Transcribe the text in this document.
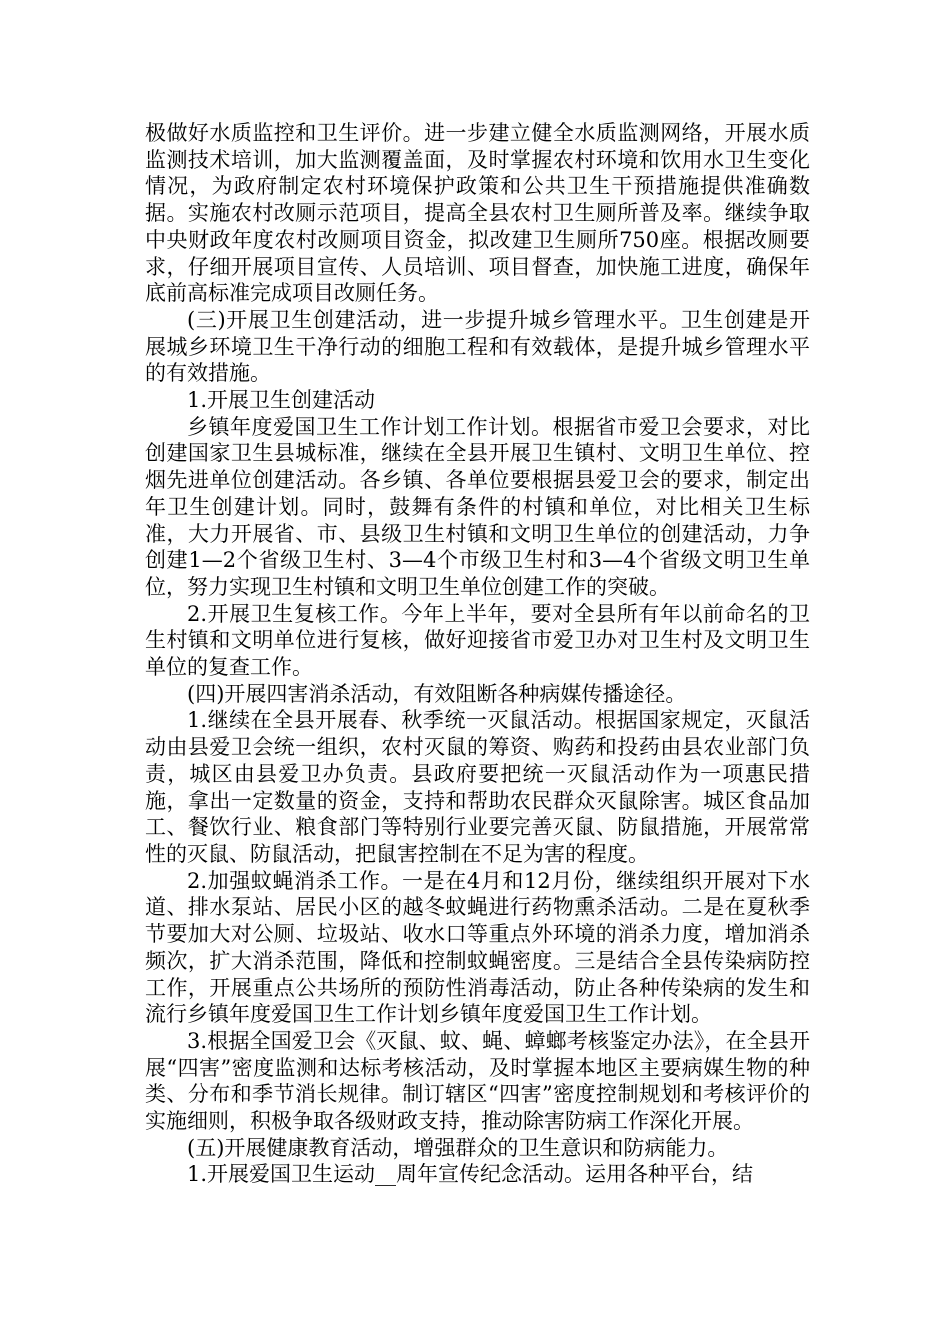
极做好水质监控和卫生评价。进一步建立健全水质监测网络，开展水质监测技术培训，加大监测覆盖面，及时掌握农村环境和饮用水卫生变化情况，为政府制定农村环境保护政策和公共卫生干预措施提供准确数据。实施农村改厕示范项目，提高全县农村卫生厕所普及率。继续争取中央财政年度农村改厕项目资金，拟改建卫生厕所750座。根据改厕要求，仔细开展项目宣传、人员培训、项目督查，加快施工进度，确保年底前高标准完成项目改厕任务。

(三)开展卫生创建活动，进一步提升城乡管理水平。卫生创建是开展城乡环境卫生干净行动的细胞工程和有效载体，是提升城乡管理水平的有效措施。

1.开展卫生创建活动

乡镇年度爱国卫生工作计划工作计划。根据省市爱卫会要求，对比创建国家卫生县城标准，继续在全县开展卫生镇村、文明卫生单位、控烟先进单位创建活动。各乡镇、各单位要根据县爱卫会的要求，制定出年卫生创建计划。同时，鼓舞有条件的村镇和单位，对比相关卫生标准，大力开展省、市、县级卫生村镇和文明卫生单位的创建活动，力争创建1—2个省级卫生村、3—4个市级卫生村和3—4个省级文明卫生单位，努力实现卫生村镇和文明卫生单位创建工作的突破。

2.开展卫生复核工作。今年上半年，要对全县所有年以前命名的卫生村镇和文明单位进行复核，做好迎接省市爱卫办对卫生村及文明卫生单位的复查工作。

(四)开展四害消杀活动，有效阻断各种病媒传播途径。

1.继续在全县开展春、秋季统一灭鼠活动。根据国家规定，灭鼠活动由县爱卫会统一组织，农村灭鼠的筹资、购药和投药由县农业部门负责，城区由县爱卫办负责。县政府要把统一灭鼠活动作为一项惠民措施，拿出一定数量的资金，支持和帮助农民群众灭鼠除害。城区食品加工、餐饮行业、粮食部门等特别行业要完善灭鼠、防鼠措施，开展常常性的灭鼠、防鼠活动，把鼠害控制在不足为害的程度。

2.加强蚊蝇消杀工作。一是在4月和12月份，继续组织开展对下水道、排水泵站、居民小区的越冬蚊蝇进行药物熏杀活动。二是在夏秋季节要加大对公厕、垃圾站、收水口等重点外环境的消杀力度，增加消杀频次，扩大消杀范围，降低和控制蚊蝇密度。三是结合全县传染病防控工作，开展重点公共场所的预防性消毒活动，防止各种传染病的发生和流行乡镇年度爱国卫生工作计划乡镇年度爱国卫生工作计划。

3.根据全国爱卫会《灭鼠、蚊、蝇、蟑螂考核鉴定办法》，在全县开展“四害”密度监测和达标考核活动，及时掌握本地区主要病媒生物的种类、分布和季节消长规律。制订辖区“四害”密度控制规划和考核评价的实施细则，积极争取各级财政支持，推动除害防病工作深化开展。

(五)开展健康教育活动，增强群众的卫生意识和防病能力。

1.开展爱国卫生运动__周年宣传纪念活动。运用各种平台，结
